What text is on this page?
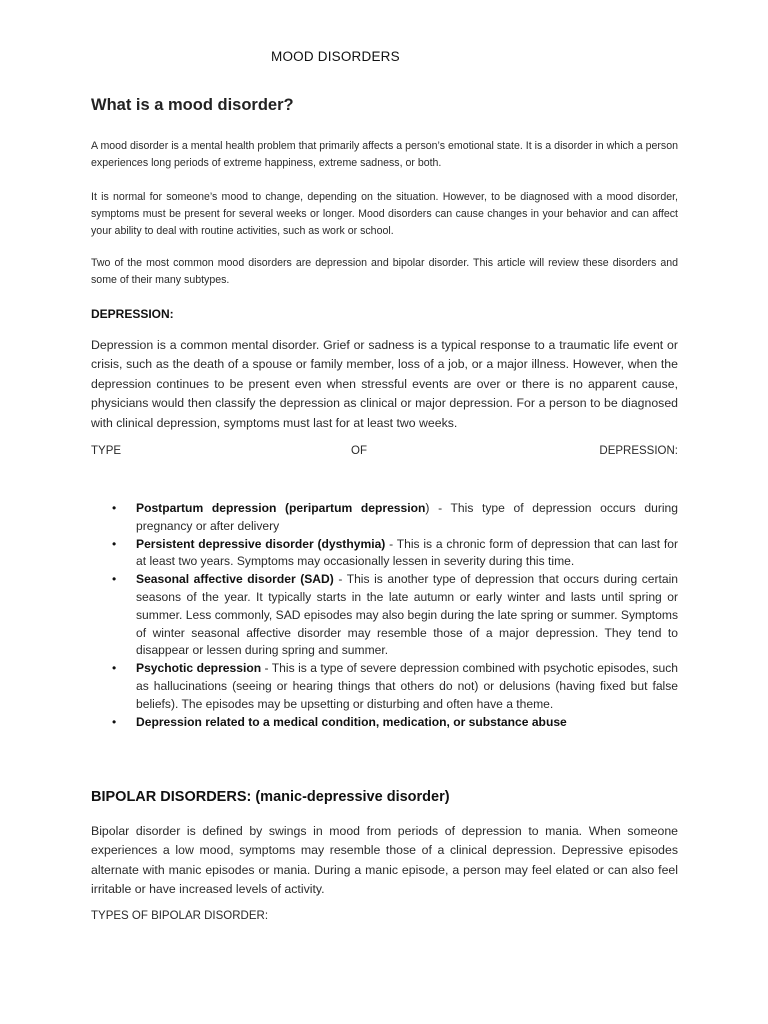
MOOD DISORDERS

What is a mood disorder?

A mood disorder is a mental health problem that primarily affects a person’s emotional state. It is a disorder in which a person experiences long periods of extreme happiness, extreme sadness, or both.

It is normal for someone’s mood to change, depending on the situation. However, to be diagnosed with a mood disorder, symptoms must be present for several weeks or longer. Mood disorders can cause changes in your behavior and can affect your ability to deal with routine activities, such as work or school.

Two of the most common mood disorders are depression and bipolar disorder. This article will review these disorders and some of their many subtypes.

DEPRESSION:

Depression is a common mental disorder. Grief or sadness is a typical response to a traumatic life event or crisis, such as the death of a spouse or family member, loss of a job, or a major illness. However, when the depression continues to be present even when stressful events are over or there is no apparent cause, physicians would then classify the depression as clinical or major depression. For a person to be diagnosed with clinical depression, symptoms must last for at least two weeks.

TYPE	OF	DEPRESSION:
• Postpartum depression (peripartum depression) - This type of depression occurs during pregnancy or after delivery
• Persistent depressive disorder (dysthymia) - This is a chronic form of depression that can last for at least two years. Symptoms may occasionally lessen in severity during this time.
• Seasonal affective disorder (SAD) - This is another type of depression that occurs during certain seasons of the year. It typically starts in the late autumn or early winter and lasts until spring or summer. Less commonly, SAD episodes may also begin during the late spring or summer. Symptoms of winter seasonal affective disorder may resemble those of a major depression. They tend to disappear or lessen during spring and summer.
• Psychotic depression - This is a type of severe depression combined with psychotic episodes, such as hallucinations (seeing or hearing things that others do not) or delusions (having fixed but false beliefs). The episodes may be upsetting or disturbing and often have a theme.
• Depression related to a medical condition, medication, or substance abuse
BIPOLAR DISORDERS: (manic-depressive disorder)

Bipolar disorder is defined by swings in mood from periods of depression to mania. When someone experiences a low mood, symptoms may resemble those of a clinical depression. Depressive episodes alternate with manic episodes or mania. During a manic episode, a person may feel elated or can also feel irritable or have increased levels of activity.

TYPES OF BIPOLAR DISORDER:
